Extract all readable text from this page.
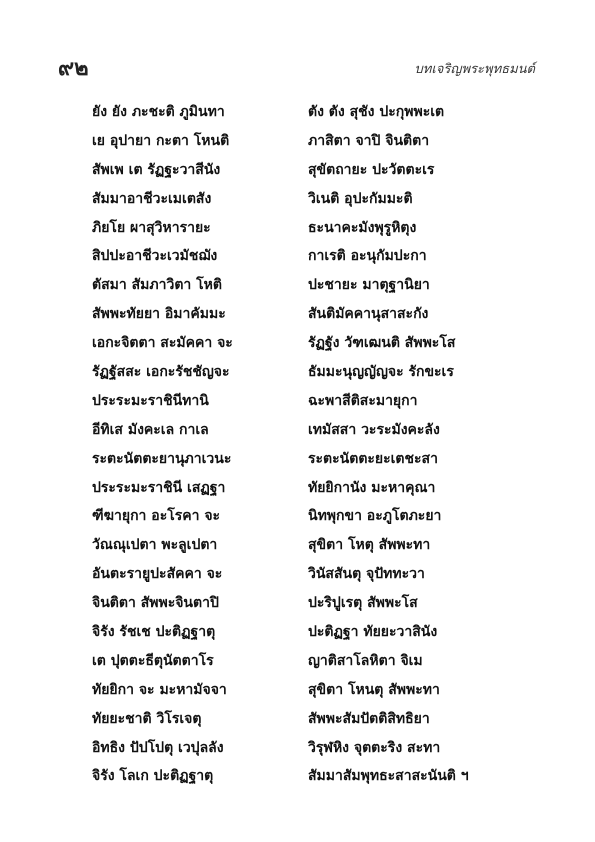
๙๒	บทเจริญพระพุทธมนต์
ยัง ยัง ภะชะติ ภูมินทา
เย อุปายา กะตา โหนติ
สัพเพ เต รัฏฐะวาสีนัง
สัมมาอาชีวะเมเตสัง
ภิยโย ผาสุวิหารายะ
สิปปะอาชีวะเวมัชฌัง
ตัสมา สัมภาวิตา โหติ
สัพพะทัยยา อิมาคัมมะ
เอกะจิตตา สะมัคคา จะ
รัฏฐัสสะ เอกะรัชชัญจะ
ประระมะราชินีทานิ
อีทิเส มังคะเล กาเล
ระตะนัตตะยานุภาเวนะ
ประระมะราชินี เสฏฐา
ฑีฆายุกา อะโรคา จะ
วัณณุเปตา พะลูเปตา
อันตะรายูปะสัคคา จะ
จินติตา สัพพะจินตาปิ
จิรัง รัชเช ปะติฏฐาตุ
เต ปุตตะธีตุนัตตาโร
ทัยยิกา จะ มะหามัจจา
ทัยยะชาติ วิโรเจตุ
อิทธิง ปัปโปตุ เวปุลลัง
จิรัง โลเก ปะติฏฐาตุ
ตัง ตัง สุชัง ปะกุพพะเต
ภาสิตา จาปิ จินติตา
สุขัตถายะ ปะวัตตะเร
วิเนติ อุปะกัมมะติ
ธะนาคะมังพุรูหิตุง
กาเรติ อะนุกัมปะกา
ปะชายะ มาตุฐานิยา
สันติมัคคานุสาสะกัง
รัฏฐัง วัฑเฒนติ สัพพะโส
ธัมมะนุญญัญจะ รักขะเร
ฉะพาสีติสะมายุกา
เทมัสสา วะระมังคะลัง
ระตะนัตตะยะเตชะสา
ทัยยิกานัง มะหาคุณา
นิทพุกขา อะภูโตภะยา
สุขิตา โหตุ สัพพะทา
วินัสสันตุ จุปัททะวา
ปะริปูเรตุ สัพพะโส
ปะติฏฐา ทัยยะวาสินัง
ญาติสาโลหิตา จิเม
สุขิตา โหนตุ สัพพะทา
สัพพะสัมปัตติสิทธิยา
วิรุฬหิง จุตตะริง สะทา
สัมมาสัมพุทธะสาสะนันติ ฯ
